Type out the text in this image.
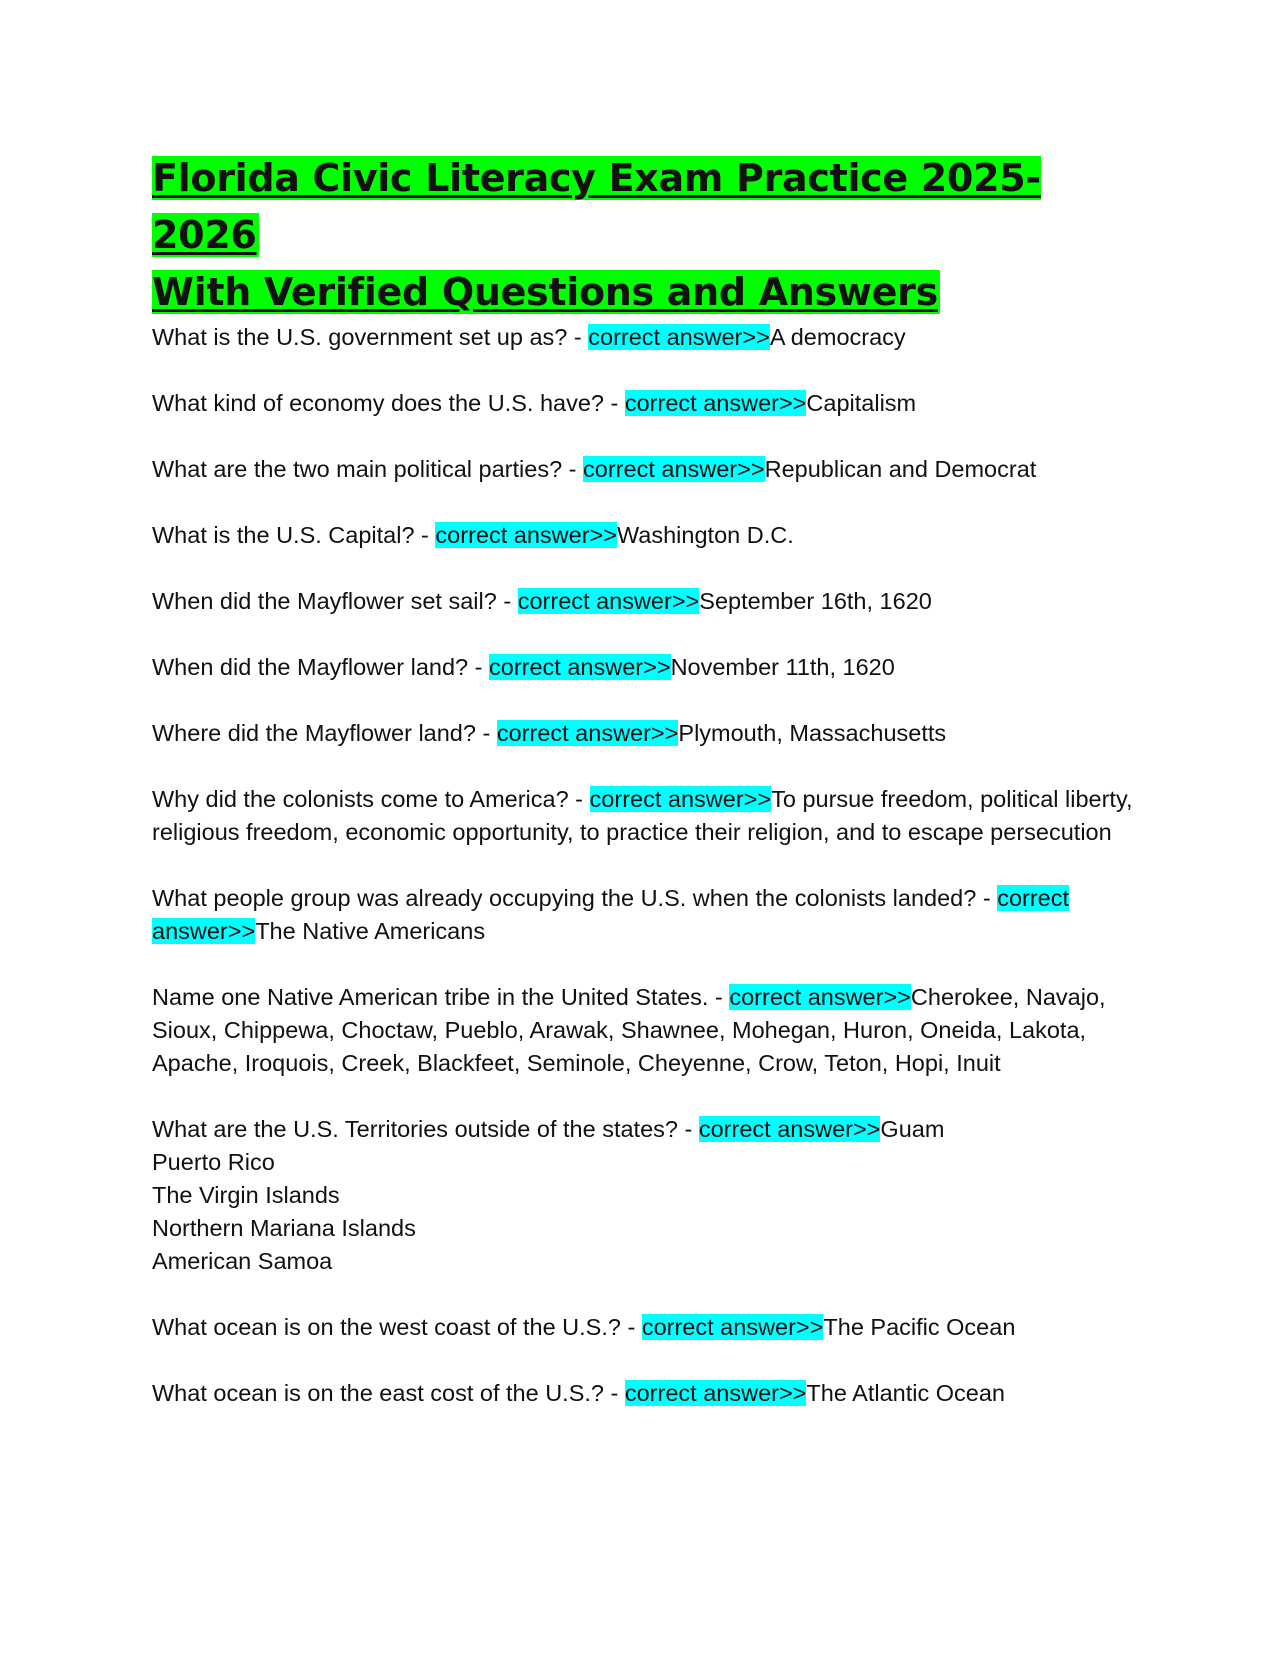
Florida Civic Literacy Exam Practice 2025-2026
With Verified Questions and Answers
What is the U.S. government set up as? - correct answer>>A democracy
What kind of economy does the U.S. have? - correct answer>>Capitalism
What are the two main political parties? - correct answer>>Republican and Democrat
What is the U.S. Capital? - correct answer>>Washington D.C.
When did the Mayflower set sail? - correct answer>>September 16th, 1620
When did the Mayflower land? - correct answer>>November 11th, 1620
Where did the Mayflower land? - correct answer>>Plymouth, Massachusetts
Why did the colonists come to America? - correct answer>>To pursue freedom, political liberty, religious freedom, economic opportunity, to practice their religion, and to escape persecution
What people group was already occupying the U.S. when the colonists landed? - correct answer>>The Native Americans
Name one Native American tribe in the United States. - correct answer>>Cherokee, Navajo, Sioux, Chippewa, Choctaw, Pueblo, Arawak, Shawnee, Mohegan, Huron, Oneida, Lakota, Apache, Iroquois, Creek, Blackfeet, Seminole, Cheyenne, Crow, Teton, Hopi, Inuit
What are the U.S. Territories outside of the states? - correct answer>>Guam
Puerto Rico
The Virgin Islands
Northern Mariana Islands
American Samoa
What ocean is on the west coast of the U.S.? - correct answer>>The Pacific Ocean
What ocean is on the east cost of the U.S.? - correct answer>>The Atlantic Ocean
